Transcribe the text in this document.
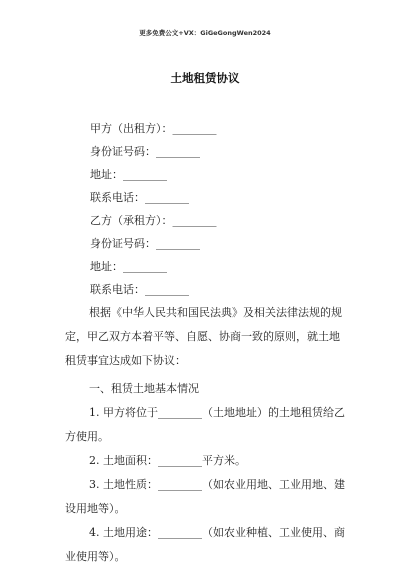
更多免费公文+VX：GiGeGongWen2024
土地租赁协议
甲方（出租方）：________
身份证号码：________
地址：________
联系电话：________
乙方（承租方）：________
身份证号码：________
地址：________
联系电话：________
根据《中华人民共和国民法典》及相关法律法规的规
定，甲乙双方本着平等、自愿、协商一致的原则，就土地
租赁事宜达成如下协议：
一、租赁土地基本情况
1. 甲方将位于________（土地地址）的土地租赁给乙
方使用。
2. 土地面积：________平方米。
3. 土地性质：________（如农业用地、工业用地、建
设用地等）。
4. 土地用途：________（如农业种植、工业使用、商
业使用等）。
